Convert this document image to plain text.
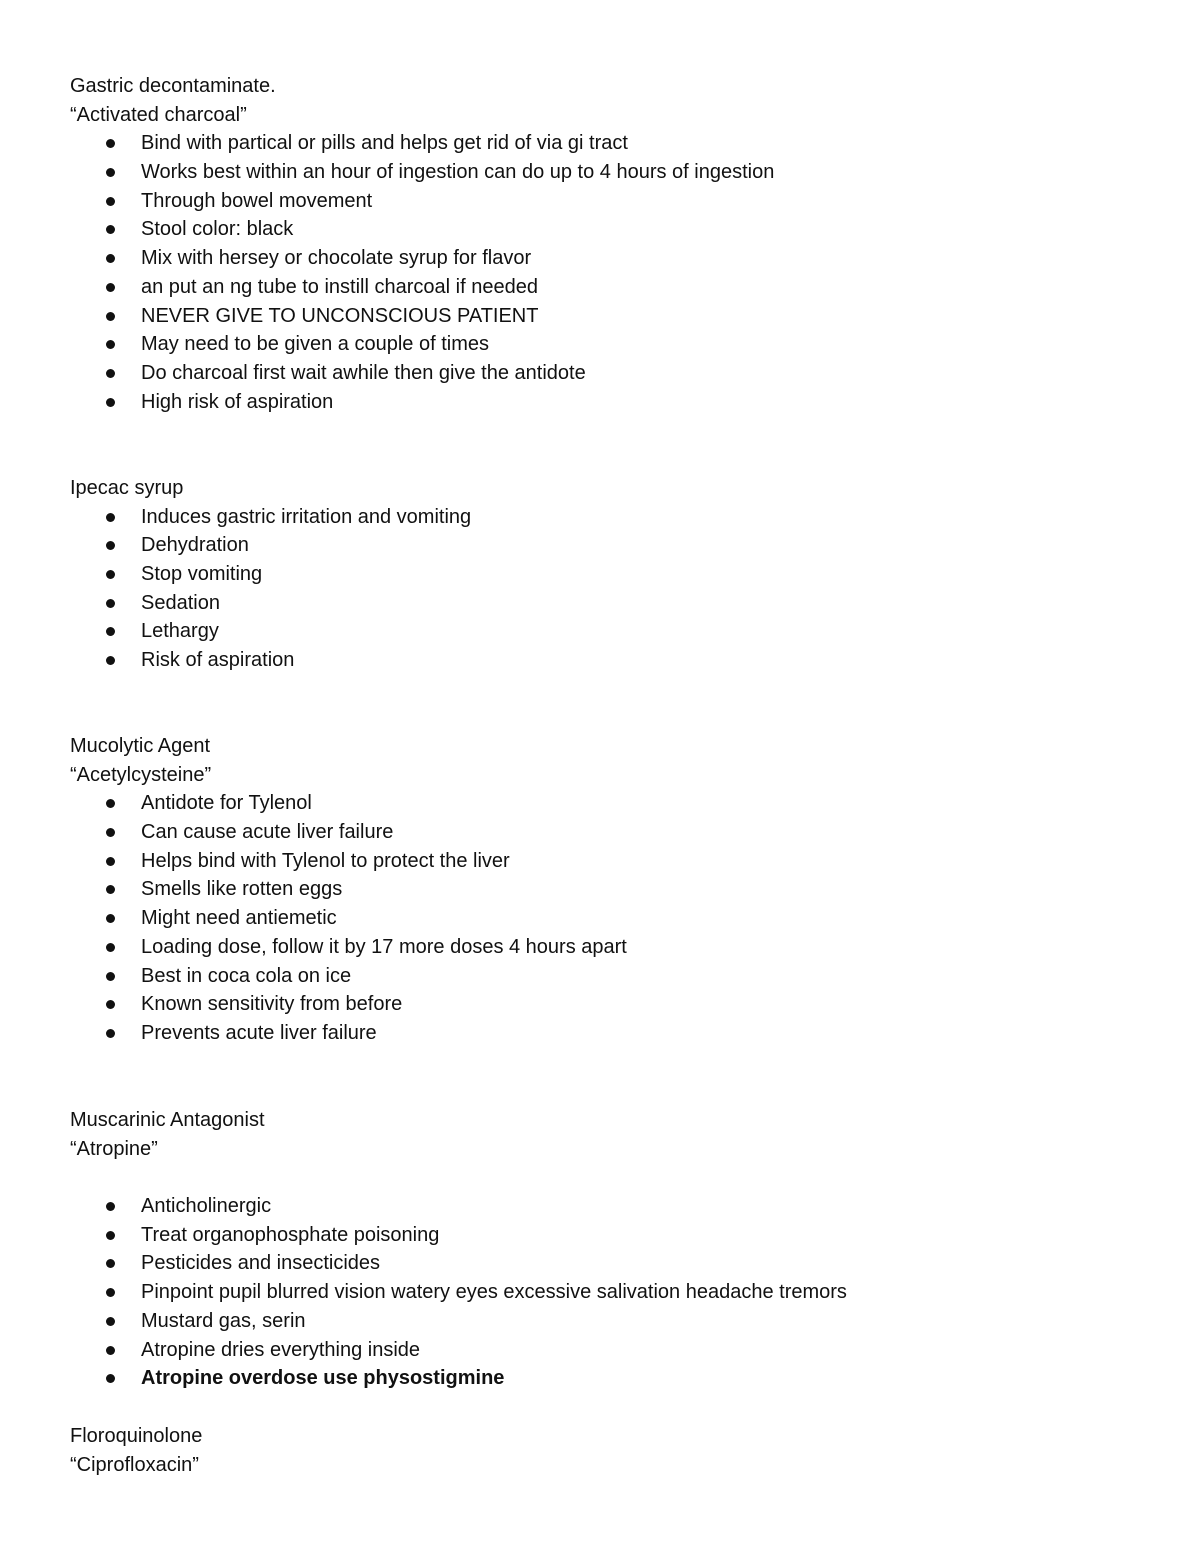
Gastric decontaminate.

“Activated charcoal”

Bind with partical or pills and helps get rid of via gi tract
Works best within an hour of ingestion can do up to 4 hours of ingestion
Through bowel movement
Stool color: black
Mix with hersey or chocolate syrup for flavor
an put an ng tube to instill charcoal if needed
NEVER GIVE TO UNCONSCIOUS PATIENT
May need to be given a couple of times
Do charcoal first wait awhile then give the antidote
High risk of aspiration

Ipecac syrup

Induces gastric irritation and vomiting
Dehydration
Stop vomiting
Sedation
Lethargy
Risk of aspiration

Mucolytic Agent

“Acetylcysteine”

Antidote for Tylenol
Can cause acute liver failure
Helps bind with Tylenol to protect the liver
Smells like rotten eggs
Might need antiemetic
Loading dose, follow it by 17 more doses 4 hours apart
Best in coca cola on ice
Known sensitivity from before
Prevents acute liver failure

Muscarinic Antagonist

“Atropine”

Anticholinergic
Treat organophosphate poisoning
Pesticides and insecticides
Pinpoint pupil blurred vision watery eyes excessive salivation headache tremors
Mustard gas, serin
Atropine dries everything inside
Atropine overdose use physostigmine

Floroquinolone

“Ciprofloxacin”
